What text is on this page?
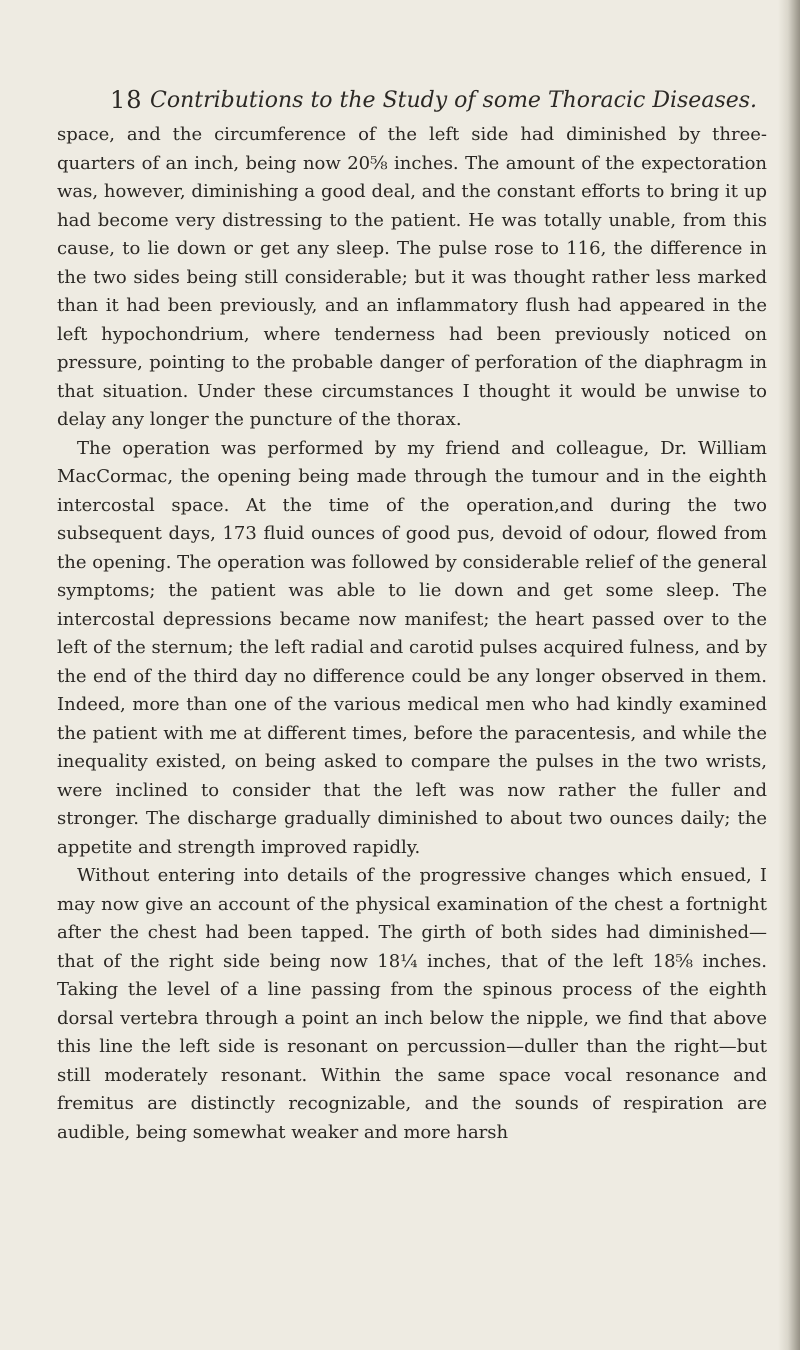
18 Contributions to the Study of some Thoracic Diseases.

space, and the circumference of the left side had diminished by three-quarters of an inch, being now 20⅝ inches. The amount of the expectoration was, however, diminishing a good deal, and the constant efforts to bring it up had become very distressing to the patient. He was totally unable, from this cause, to lie down or get any sleep. The pulse rose to 116, the difference in the two sides being still considerable; but it was thought rather less marked than it had been previously, and an inflammatory flush had appeared in the left hypochondrium, where tenderness had been previously noticed on pressure, pointing to the probable danger of perforation of the diaphragm in that situation. Under these circumstances I thought it would be unwise to delay any longer the puncture of the thorax.

The operation was performed by my friend and colleague, Dr. William MacCormac, the opening being made through the tumour and in the eighth intercostal space. At the time of the operation,and during the two subsequent days, 173 fluid ounces of good pus, devoid of odour, flowed from the opening. The operation was followed by considerable relief of the general symptoms; the patient was able to lie down and get some sleep. The intercostal depressions became now manifest; the heart passed over to the left of the sternum; the left radial and carotid pulses acquired fulness, and by the end of the third day no difference could be any longer observed in them. Indeed, more than one of the various medical men who had kindly examined the patient with me at different times, before the paracentesis, and while the inequality existed, on being asked to compare the pulses in the two wrists, were inclined to consider that the left was now rather the fuller and stronger. The discharge gradually diminished to about two ounces daily; the appetite and strength improved rapidly.

Without entering into details of the progressive changes which ensued, I may now give an account of the physical examination of the chest a fortnight after the chest had been tapped. The girth of both sides had diminished—that of the right side being now 18¼ inches, that of the left 18⅝ inches. Taking the level of a line passing from the spinous process of the eighth dorsal vertebra through a point an inch below the nipple, we find that above this line the left side is resonant on percussion—duller than the right—but still moderately resonant. Within the same space vocal resonance and fremitus are distinctly recognizable, and the sounds of respiration are audible, being somewhat weaker and more harsh
